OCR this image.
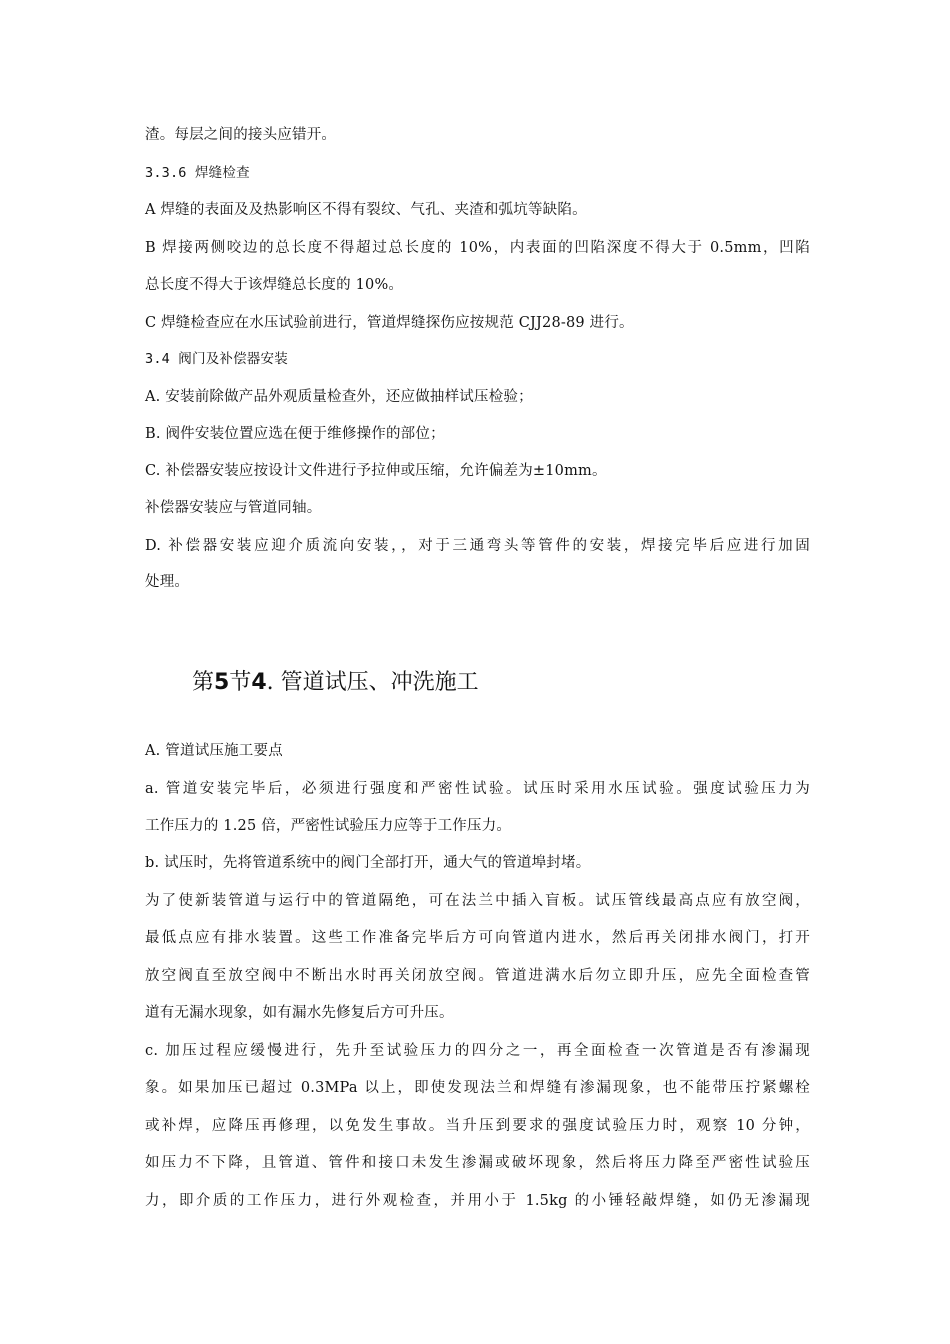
渣。每层之间的接头应错开。
3.3.6 焊缝检查
A 焊缝的表面及及热影响区不得有裂纹、气孔、夹渣和弧坑等缺陷。
B 焊接两侧咬边的总长度不得超过总长度的 10%，内表面的凹陷深度不得大于 0.5mm，凹陷
总长度不得大于该焊缝总长度的 10%。
C 焊缝检查应在水压试验前进行，管道焊缝探伤应按规范 CJJ28-89 进行。
3.4 阀门及补偿器安装
A. 安装前除做产品外观质量检查外，还应做抽样试压检验；
B. 阀件安装位置应选在便于维修操作的部位；
C. 补偿器安装应按设计文件进行予拉伸或压缩，允许偏差为±10mm。
补偿器安装应与管道同轴。
D. 补偿器安装应迎介质流向安装，，对于三通弯头等管件的安装，焊接完毕后应进行加固
处理。
第5节4. 管道试压、冲洗施工
A. 管道试压施工要点
a. 管道安装完毕后，必须进行强度和严密性试验。试压时采用水压试验。强度试验压力为
工作压力的 1.25 倍，严密性试验压力应等于工作压力。
b. 试压时，先将管道系统中的阀门全部打开，通大气的管道埠封堵。
为了使新装管道与运行中的管道隔绝，可在法兰中插入盲板。试压管线最高点应有放空阀，
最低点应有排水装置。这些工作准备完毕后方可向管道内进水，然后再关闭排水阀门，打开
放空阀直至放空阀中不断出水时再关闭放空阀。管道进满水后勿立即升压，应先全面检查管
道有无漏水现象，如有漏水先修复后方可升压。
c. 加压过程应缓慢进行，先升至试验压力的四分之一，再全面检查一次管道是否有渗漏现
象。如果加压已超过 0.3MPa 以上，即使发现法兰和焊缝有渗漏现象，也不能带压拧紧螺栓
或补焊，应降压再修理，以免发生事故。当升压到要求的强度试验压力时，观察 10 分钟，
如压力不下降，且管道、管件和接口未发生渗漏或破坏现象，然后将压力降至严密性试验压
力，即介质的工作压力，进行外观检查，并用小于 1.5kg 的小锤轻敲焊缝，如仍无渗漏现
